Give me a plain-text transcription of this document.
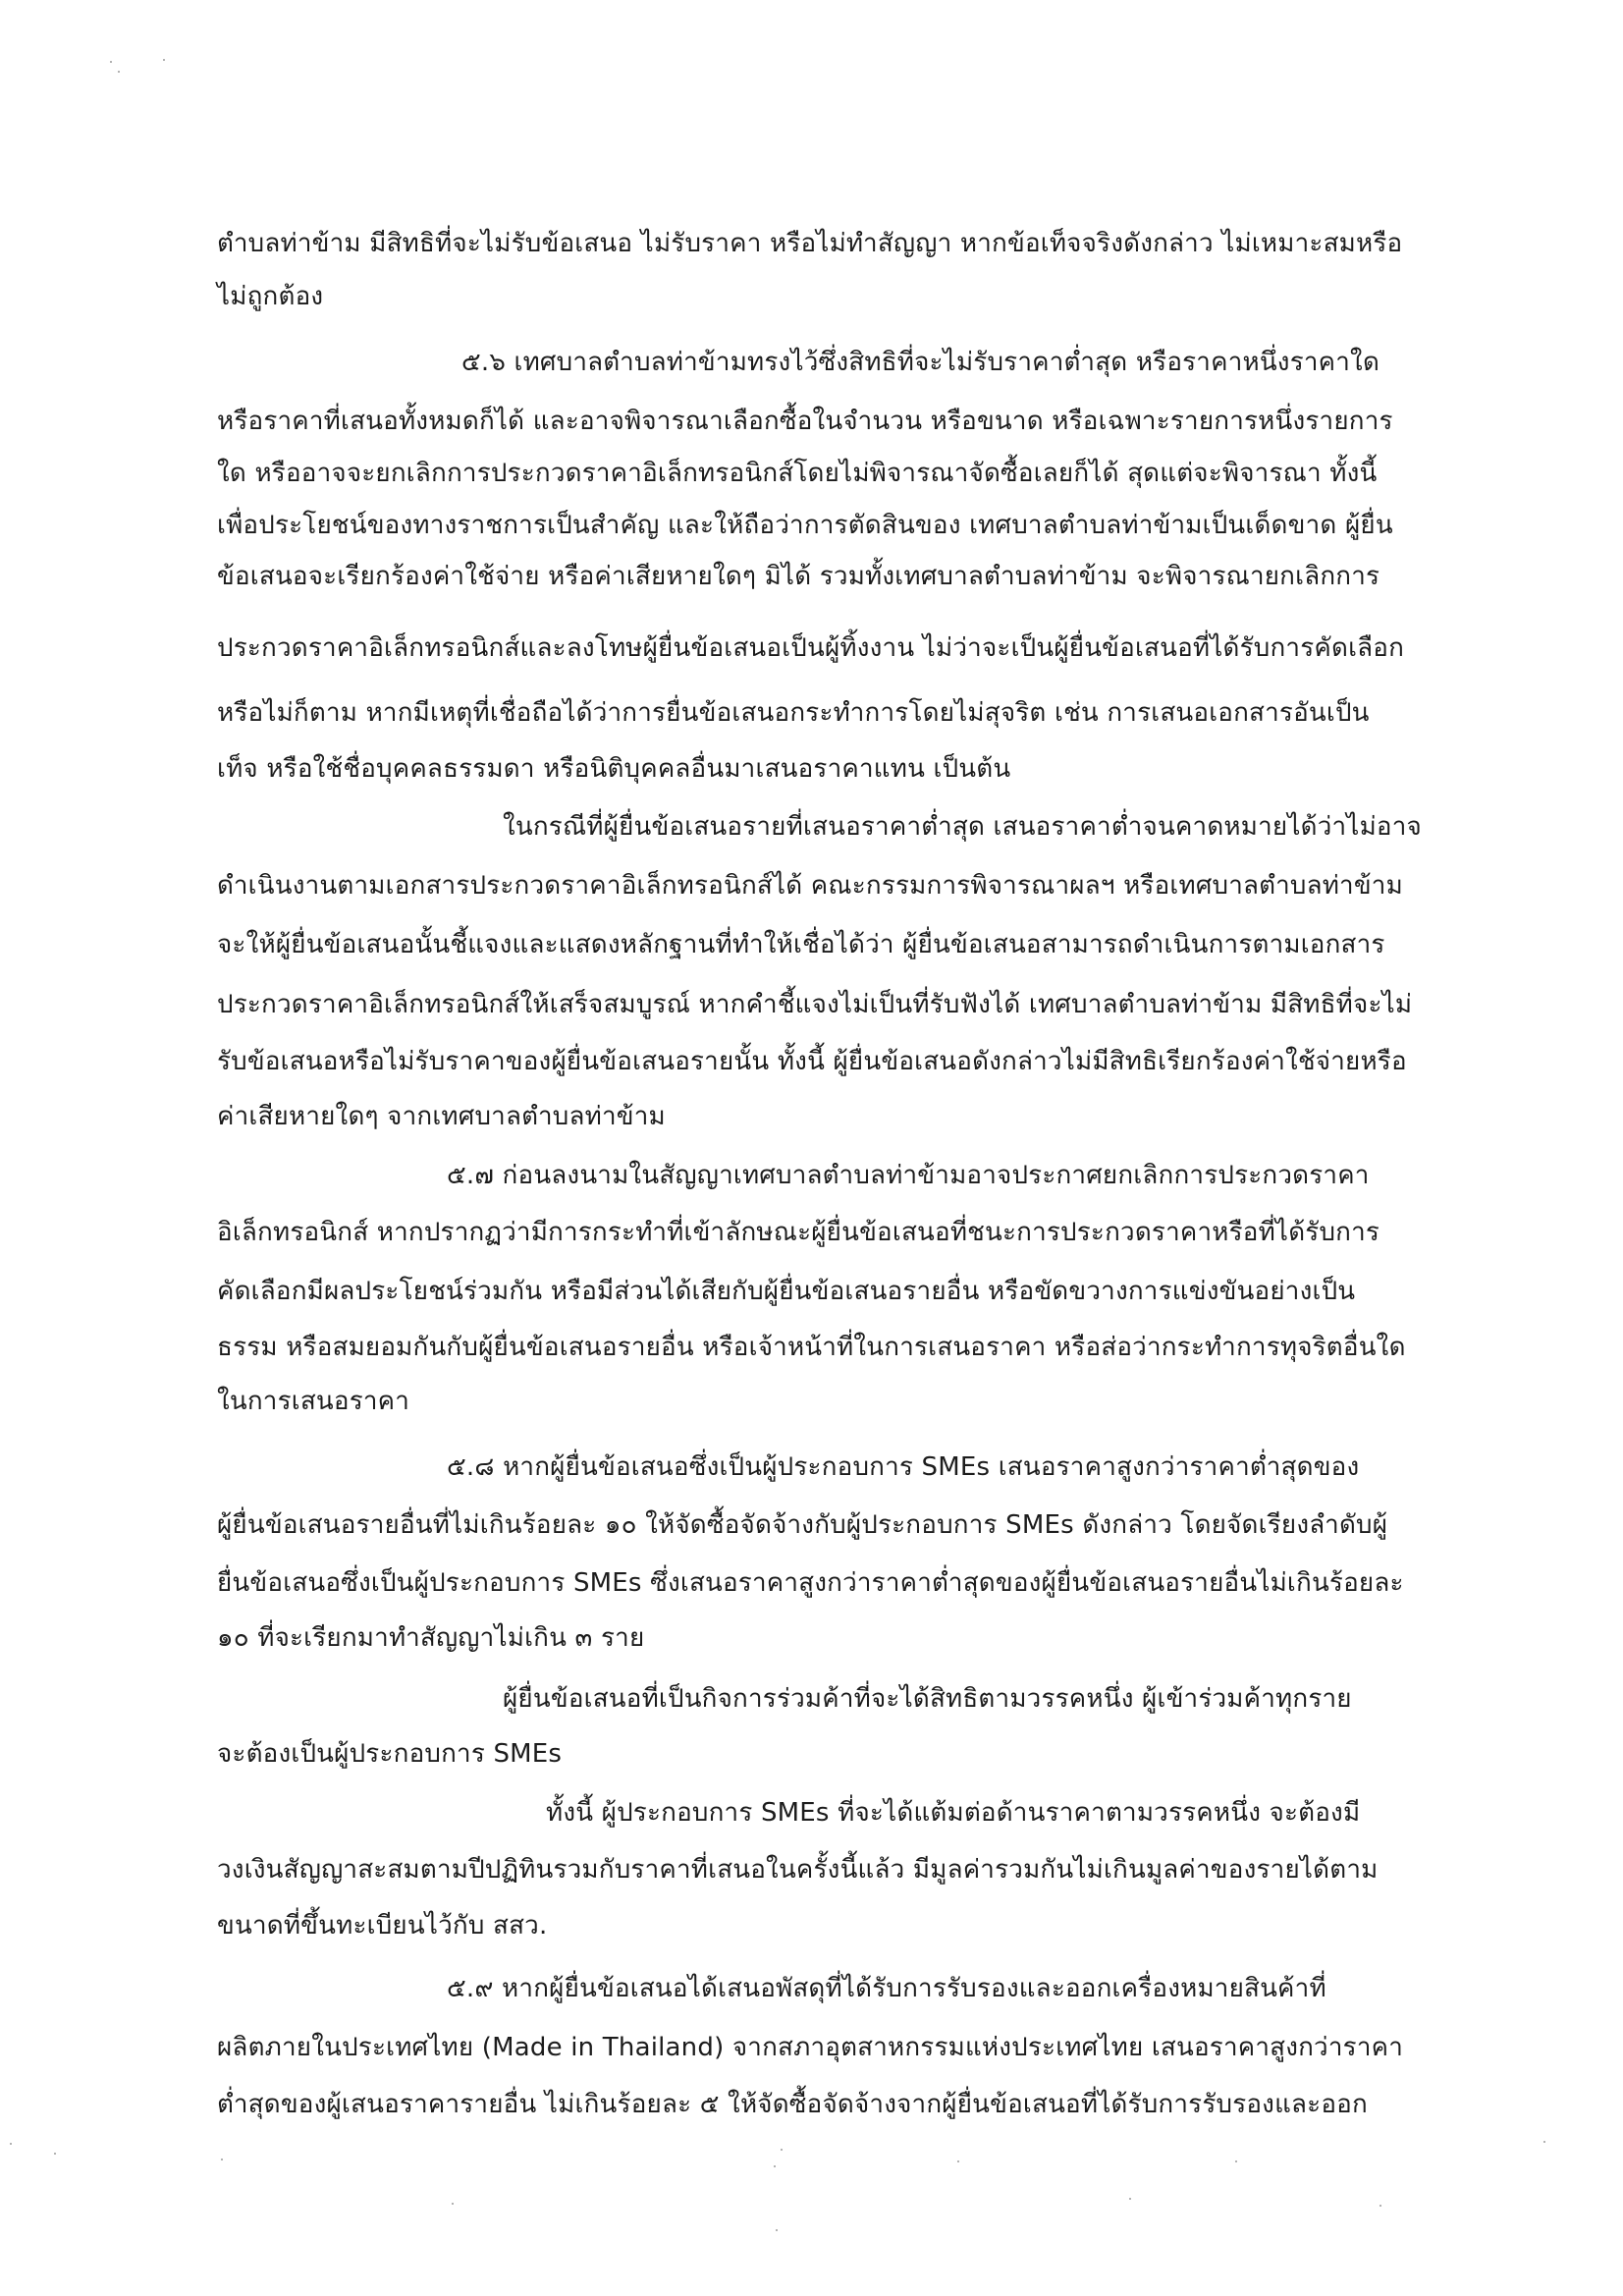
ตำบลท่าข้าม มีสิทธิที่จะไม่รับข้อเสนอ ไม่รับราคา หรือไม่ทำสัญญา หากข้อเท็จจริงดังกล่าว ไม่เหมาะสมหรือ
ไม่ถูกต้อง
๕.๖ เทศบาลตำบลท่าข้ามทรงไว้ซึ่งสิทธิที่จะไม่รับราคาต่ำสุด หรือราคาหนึ่งราคาใด
หรือราคาที่เสนอทั้งหมดก็ได้ และอาจพิจารณาเลือกซื้อในจำนวน หรือขนาด หรือเฉพาะรายการหนึ่งรายการ
ใด หรืออาจจะยกเลิกการประกวดราคาอิเล็กทรอนิกส์โดยไม่พิจารณาจัดซื้อเลยก็ได้ สุดแต่จะพิจารณา ทั้งนี้
เพื่อประโยชน์ของทางราชการเป็นสำคัญ และให้ถือว่าการตัดสินของ เทศบาลตำบลท่าข้ามเป็นเด็ดขาด ผู้ยื่น
ข้อเสนอจะเรียกร้องค่าใช้จ่าย หรือค่าเสียหายใดๆ มิได้ รวมทั้งเทศบาลตำบลท่าข้าม จะพิจารณายกเลิกการ
ประกวดราคาอิเล็กทรอนิกส์และลงโทษผู้ยื่นข้อเสนอเป็นผู้ทิ้งงาน ไม่ว่าจะเป็นผู้ยื่นข้อเสนอที่ได้รับการคัดเลือก
หรือไม่ก็ตาม หากมีเหตุที่เชื่อถือได้ว่าการยื่นข้อเสนอกระทำการโดยไม่สุจริต เช่น การเสนอเอกสารอันเป็น
เท็จ หรือใช้ชื่อบุคคลธรรมดา หรือนิติบุคคลอื่นมาเสนอราคาแทน เป็นต้น
ในกรณีที่ผู้ยื่นข้อเสนอรายที่เสนอราคาต่ำสุด เสนอราคาต่ำจนคาดหมายได้ว่าไม่อาจ
ดำเนินงานตามเอกสารประกวดราคาอิเล็กทรอนิกส์ได้ คณะกรรมการพิจารณาผลฯ หรือเทศบาลตำบลท่าข้าม
จะให้ผู้ยื่นข้อเสนอนั้นชี้แจงและแสดงหลักฐานที่ทำให้เชื่อได้ว่า ผู้ยื่นข้อเสนอสามารถดำเนินการตามเอกสาร
ประกวดราคาอิเล็กทรอนิกส์ให้เสร็จสมบูรณ์ หากคำชี้แจงไม่เป็นที่รับฟังได้ เทศบาลตำบลท่าข้าม มีสิทธิที่จะไม่
รับข้อเสนอหรือไม่รับราคาของผู้ยื่นข้อเสนอรายนั้น ทั้งนี้ ผู้ยื่นข้อเสนอดังกล่าวไม่มีสิทธิเรียกร้องค่าใช้จ่ายหรือ
ค่าเสียหายใดๆ จากเทศบาลตำบลท่าข้าม
๕.๗ ก่อนลงนามในสัญญาเทศบาลตำบลท่าข้ามอาจประกาศยกเลิกการประกวดราคา
อิเล็กทรอนิกส์ หากปรากฏว่ามีการกระทำที่เข้าลักษณะผู้ยื่นข้อเสนอที่ชนะการประกวดราคาหรือที่ได้รับการ
คัดเลือกมีผลประโยชน์ร่วมกัน หรือมีส่วนได้เสียกับผู้ยื่นข้อเสนอรายอื่น หรือขัดขวางการแข่งขันอย่างเป็น
ธรรม หรือสมยอมกันกับผู้ยื่นข้อเสนอรายอื่น หรือเจ้าหน้าที่ในการเสนอราคา หรือส่อว่ากระทำการทุจริตอื่นใด
ในการเสนอราคา
๕.๘ หากผู้ยื่นข้อเสนอซึ่งเป็นผู้ประกอบการ SMEs เสนอราคาสูงกว่าราคาต่ำสุดของ
ผู้ยื่นข้อเสนอรายอื่นที่ไม่เกินร้อยละ ๑๐ ให้จัดซื้อจัดจ้างกับผู้ประกอบการ SMEs ดังกล่าว โดยจัดเรียงลำดับผู้
ยื่นข้อเสนอซึ่งเป็นผู้ประกอบการ SMEs ซึ่งเสนอราคาสูงกว่าราคาต่ำสุดของผู้ยื่นข้อเสนอรายอื่นไม่เกินร้อยละ
๑๐ ที่จะเรียกมาทำสัญญาไม่เกิน ๓ ราย
ผู้ยื่นข้อเสนอที่เป็นกิจการร่วมค้าที่จะได้สิทธิตามวรรคหนึ่ง ผู้เข้าร่วมค้าทุกราย
จะต้องเป็นผู้ประกอบการ SMEs
ทั้งนี้ ผู้ประกอบการ SMEs ที่จะได้แต้มต่อด้านราคาตามวรรคหนึ่ง จะต้องมี
วงเงินสัญญาสะสมตามปีปฏิทินรวมกับราคาที่เสนอในครั้งนี้แล้ว มีมูลค่ารวมกันไม่เกินมูลค่าของรายได้ตาม
ขนาดที่ขึ้นทะเบียนไว้กับ สสว.
๕.๙ หากผู้ยื่นข้อเสนอได้เสนอพัสดุที่ได้รับการรับรองและออกเครื่องหมายสินค้าที่
ผลิตภายในประเทศไทย (Made in Thailand) จากสภาอุตสาหกรรมแห่งประเทศไทย เสนอราคาสูงกว่าราคา
ต่ำสุดของผู้เสนอราคารายอื่น ไม่เกินร้อยละ ๕ ให้จัดซื้อจัดจ้างจากผู้ยื่นข้อเสนอที่ได้รับการรับรองและออก
